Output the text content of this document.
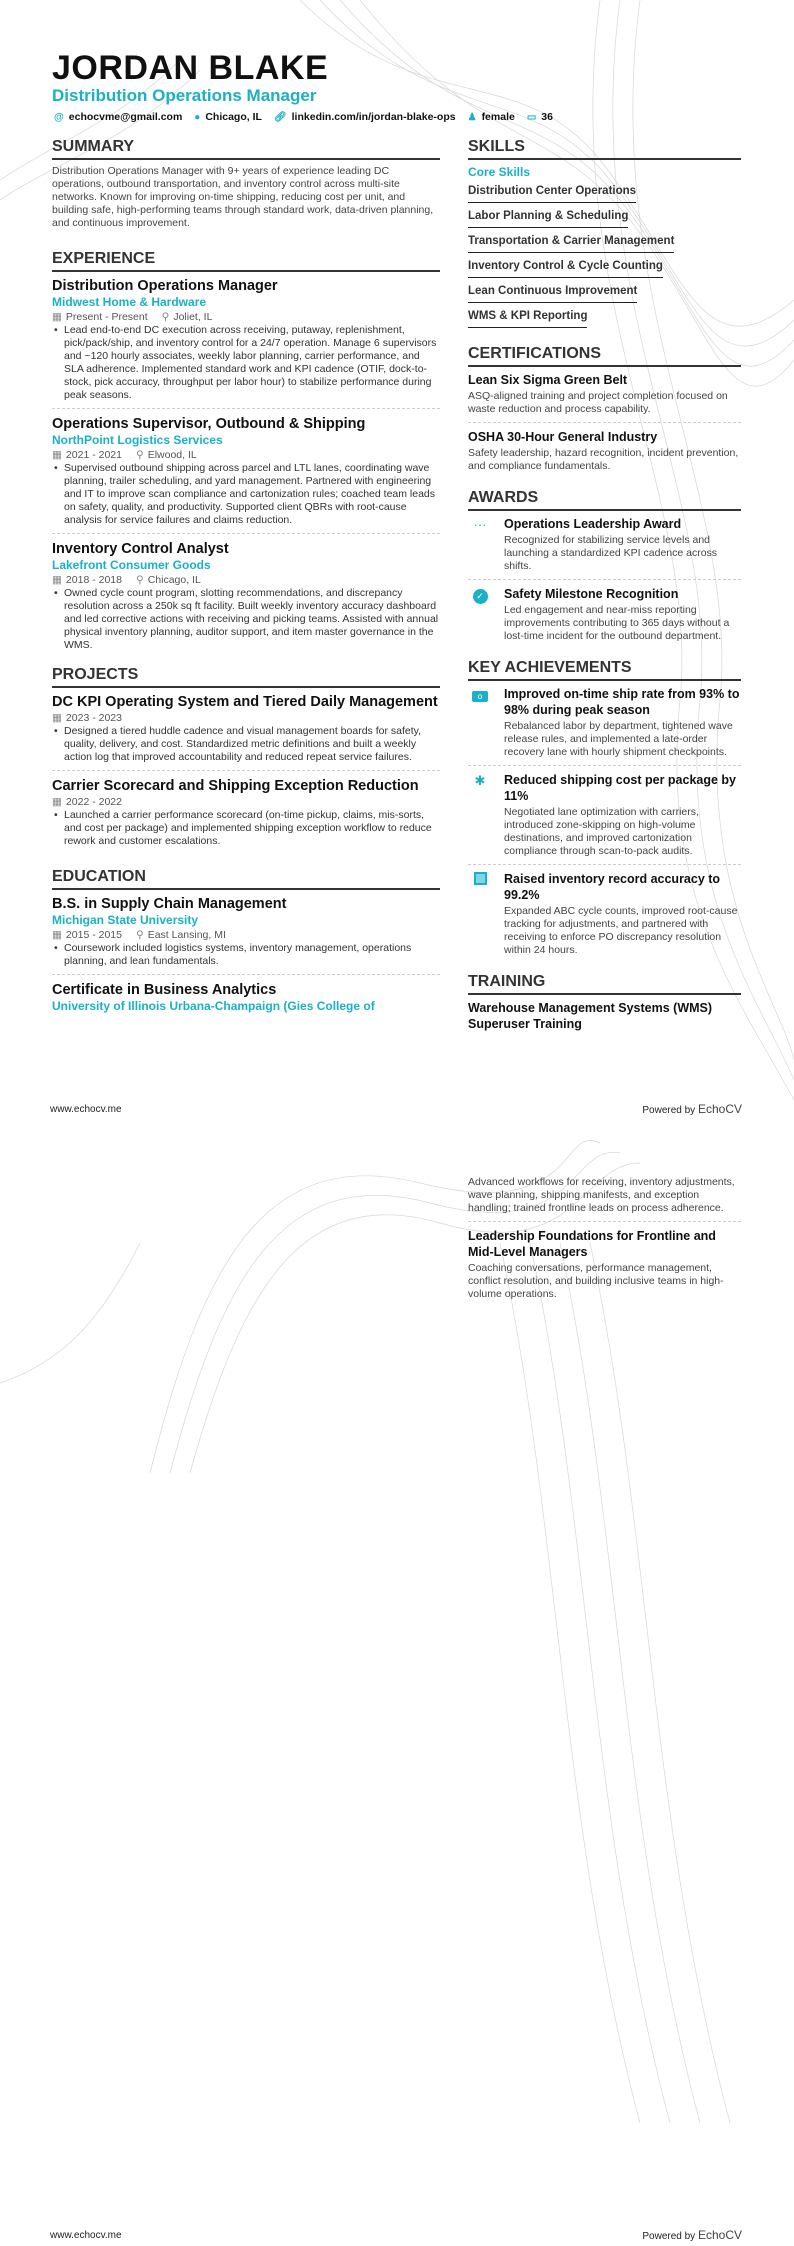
JORDAN BLAKE
Distribution Operations Manager
@ echocvme@gmail.com ● Chicago, IL 🔗︎ linkedin.com/in/jordan-blake-ops ♟ female ▭ 36
SUMMARY
Distribution Operations Manager with 9+ years of experience leading DC operations, outbound transportation, and inventory control across multi-site networks. Known for improving on-time shipping, reducing cost per unit, and building safe, high-performing teams through standard work, data-driven planning, and continuous improvement.
EXPERIENCE
Distribution Operations Manager
Midwest Home & Hardware
▦ Present - Present ⚲ Joliet, IL
• Lead end-to-end DC execution across receiving, putaway, replenishment, pick/pack/ship, and inventory control for a 24/7 operation. Manage 6 supervisors and ~120 hourly associates, weekly labor planning, carrier performance, and SLA adherence. Implemented standard work and KPI cadence (OTIF, dock-to-stock, pick accuracy, throughput per labor hour) to stabilize performance during peak seasons.
Operations Supervisor, Outbound & Shipping
NorthPoint Logistics Services
▦ 2021 - 2021 ⚲ Elwood, IL
• Supervised outbound shipping across parcel and LTL lanes, coordinating wave planning, trailer scheduling, and yard management. Partnered with engineering and IT to improve scan compliance and cartonization rules; coached team leads on safety, quality, and productivity. Supported client QBRs with root-cause analysis for service failures and claims reduction.
Inventory Control Analyst
Lakefront Consumer Goods
▦ 2018 - 2018 ⚲ Chicago, IL
• Owned cycle count program, slotting recommendations, and discrepancy resolution across a 250k sq ft facility. Built weekly inventory accuracy dashboard and led corrective actions with receiving and picking teams. Assisted with annual physical inventory planning, auditor support, and item master governance in the WMS.
PROJECTS
DC KPI Operating System and Tiered Daily Management
▦ 2023 - 2023
• Designed a tiered huddle cadence and visual management boards for safety, quality, delivery, and cost. Standardized metric definitions and built a weekly action log that improved accountability and reduced repeat service failures.
Carrier Scorecard and Shipping Exception Reduction
▦ 2022 - 2022
• Launched a carrier performance scorecard (on-time pickup, claims, mis-sorts, and cost per package) and implemented shipping exception workflow to reduce rework and customer escalations.
EDUCATION
B.S. in Supply Chain Management
Michigan State University
▦ 2015 - 2015 ⚲ East Lansing, MI
• Coursework included logistics systems, inventory management, operations planning, and lean fundamentals.
Certificate in Business Analytics
University of Illinois Urbana-Champaign (Gies College of
SKILLS
Core Skills
Distribution Center Operations
Labor Planning & Scheduling
Transportation & Carrier Management
Inventory Control & Cycle Counting
Lean Continuous Improvement
WMS & KPI Reporting
CERTIFICATIONS
Lean Six Sigma Green Belt
ASQ-aligned training and project completion focused on waste reduction and process capability.
OSHA 30-Hour General Industry
Safety leadership, hazard recognition, incident prevention, and compliance fundamentals.
AWARDS
···	Operations Leadership Award
Recognized for stabilizing service levels and launching a standardized KPI cadence across shifts.
✓	Safety Milestone Recognition
Led engagement and near-miss reporting improvements contributing to 365 days without a lost-time incident for the outbound department.
KEY ACHIEVEMENTS
o	Improved on-time ship rate from 93% to 98% during peak season
Rebalanced labor by department, tightened wave release rules, and implemented a late-order recovery lane with hourly shipment checkpoints.
✱	Reduced shipping cost per package by 11%
Negotiated lane optimization with carriers, introduced zone-skipping on high-volume destinations, and improved cartonization compliance through scan-to-pack audits.
Raised inventory record accuracy to 99.2%
Expanded ABC cycle counts, improved root-cause tracking for adjustments, and partnered with receiving to enforce PO discrepancy resolution within 24 hours.
TRAINING
Warehouse Management Systems (WMS) Superuser Training
www.echocv.me	Powered by EchoCV
Advanced workflows for receiving, inventory adjustments, wave planning, shipping manifests, and exception handling; trained frontline leads on process adherence.
Leadership Foundations for Frontline and Mid-Level Managers
Coaching conversations, performance management, conflict resolution, and building inclusive teams in high-volume operations.
www.echocv.me	Powered by EchoCV
